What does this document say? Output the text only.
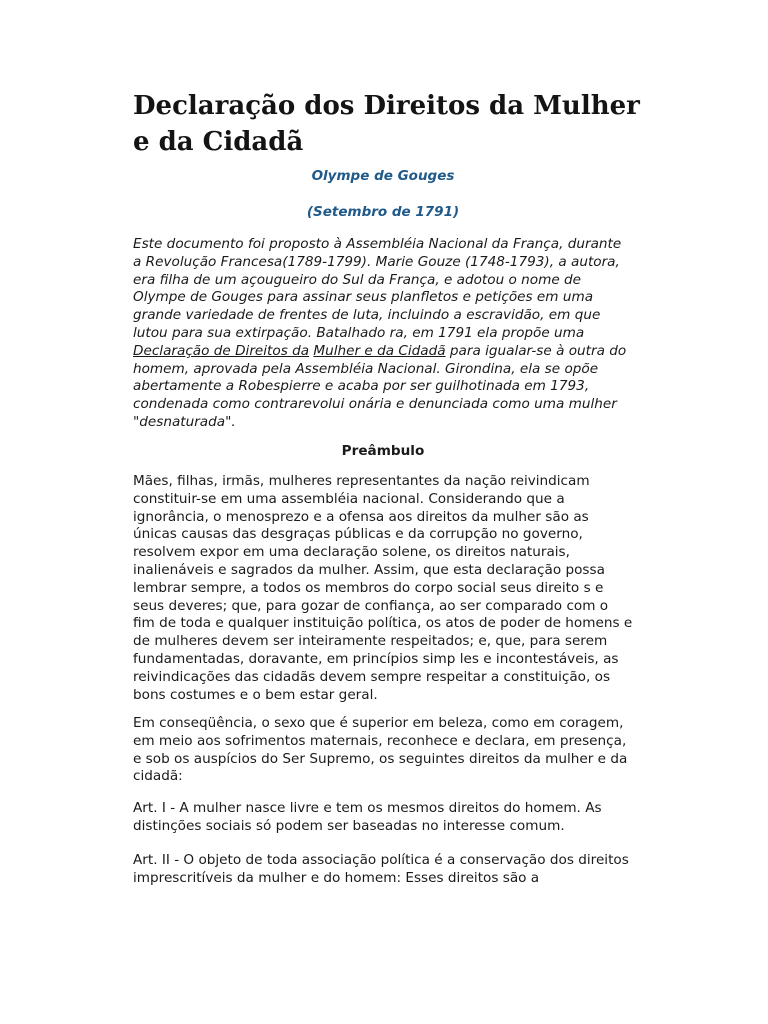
Declaração dos Direitos da Mulher e da Cidadã

Olympe de Gouges

(Setembro de 1791)

Este documento foi proposto à Assembléia Nacional da França, durante a Revolução Francesa(1789-1799). Marie Gouze (1748-1793), a autora, era filha de um açougueiro do Sul da França, e adotou o nome de Olympe de Gouges para assinar seus planfletos e petições em uma grande variedade de frentes de luta, incluindo a escravidão, em que lutou para sua extirpação. Batalhado ra, em 1791 ela propõe uma Declaração de Direitos da Mulher e da Cidadã para igualar-se à outra do homem, aprovada pela Assembléia Nacional. Girondina, ela se opõe abertamente a Robespierre e acaba por ser guilhotinada em 1793, condenada como contrarevolui onária e denunciada como uma mulher "desnaturada".

Preâmbulo

Mães, filhas, irmãs, mulheres representantes da nação reivindicam constituir-se em uma assembléia nacional. Considerando que a ignorância, o menosprezo e a ofensa aos direitos da mulher são as únicas causas das desgraças públicas e da corrupção no governo, resolvem expor em uma declaração solene, os direitos naturais, inalienáveis e sagrados da mulher. Assim, que esta declaração possa lembrar sempre, a todos os membros do corpo social seus direito s e seus deveres; que, para gozar de confiança, ao ser comparado com o fim de toda e qualquer instituição política, os atos de poder de homens e de mulheres devem ser inteiramente respeitados; e, que, para serem fundamentadas, doravante, em princípios simp les e incontestáveis, as reivindicações das cidadãs devem sempre respeitar a constituição, os bons costumes e o bem estar geral.

Em conseqüência, o sexo que é superior em beleza, como em coragem, em meio aos sofrimentos maternais, reconhece e declara, em presença, e sob os auspícios do Ser Supremo, os seguintes direitos da mulher e da cidadã:

Art. I - A mulher nasce livre e tem os mesmos direitos do homem. As distinções sociais só podem ser baseadas no interesse comum.

Art. II - O objeto de toda associação política é a conservação dos direitos imprescritíveis da mulher e do homem: Esses direitos são a
